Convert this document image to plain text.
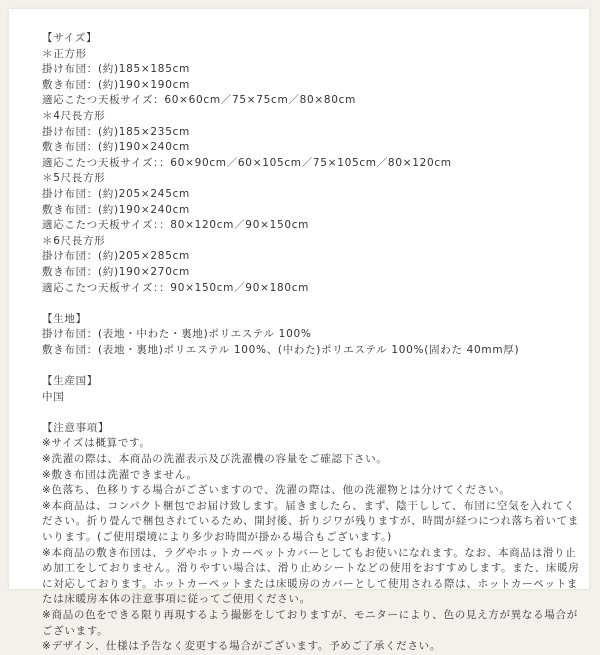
【サイズ】
＊正方形
掛け布団：(約)185×185cm
敷き布団：(約)190×190cm
適応こたつ天板サイズ：60×60cm／75×75cm／80×80cm
＊4尺長方形
掛け布団：(約)185×235cm
敷き布団：(約)190×240cm
適応こたつ天板サイズ：：60×90cm／60×105cm／75×105cm／80×120cm
＊5尺長方形
掛け布団：(約)205×245cm
敷き布団：(約)190×240cm
適応こたつ天板サイズ：：80×120cm／90×150cm
＊6尺長方形
掛け布団：(約)205×285cm
敷き布団：(約)190×270cm
適応こたつ天板サイズ：：90×150cm／90×180cm
【生地】
掛け布団：(表地・中わた・裏地)ポリエステル 100%
敷き布団：(表地・裏地)ポリエステル 100%、(中わた)ポリエステル 100%(固わた 40mm厚)
【生産国】
中国
【注意事項】
※サイズは概算です。
※洗濯の際は、本商品の洗濯表示及び洗濯機の容量をご確認下さい。
※敷き布団は洗濯できません。
※色落ち、色移りする場合がございますので、洗濯の際は、他の洗濯物とは分けてください。
※本商品は、コンパクト梱包でお届け致します。届きましたら、まず、陰干しして、布団に空気を入れてください。折り畳んで梱包されているため、開封後、折りジワが残りますが、時間が経つにつれ落ち着いてまいります。(ご使用環境により多少お時間が掛かる場合もございます。)
※本商品の敷き布団は、ラグやホットカーペットカバーとしてもお使いになれます。なお、本商品は滑り止め加工をしておりません。滑りやすい場合は、滑り止めシートなどの使用をおすすめします。また、床暖房に対応しております。ホットカーペットまたは床暖房のカバーとして使用される際は、ホットカーペットまたは床暖房本体の注意事項に従ってご使用ください。
※商品の色をできる限り再現するよう撮影をしておりますが、モニターにより、色の見え方が異なる場合がございます。
※デザイン、仕様は予告なく変更する場合がございます。予めご了承ください。
